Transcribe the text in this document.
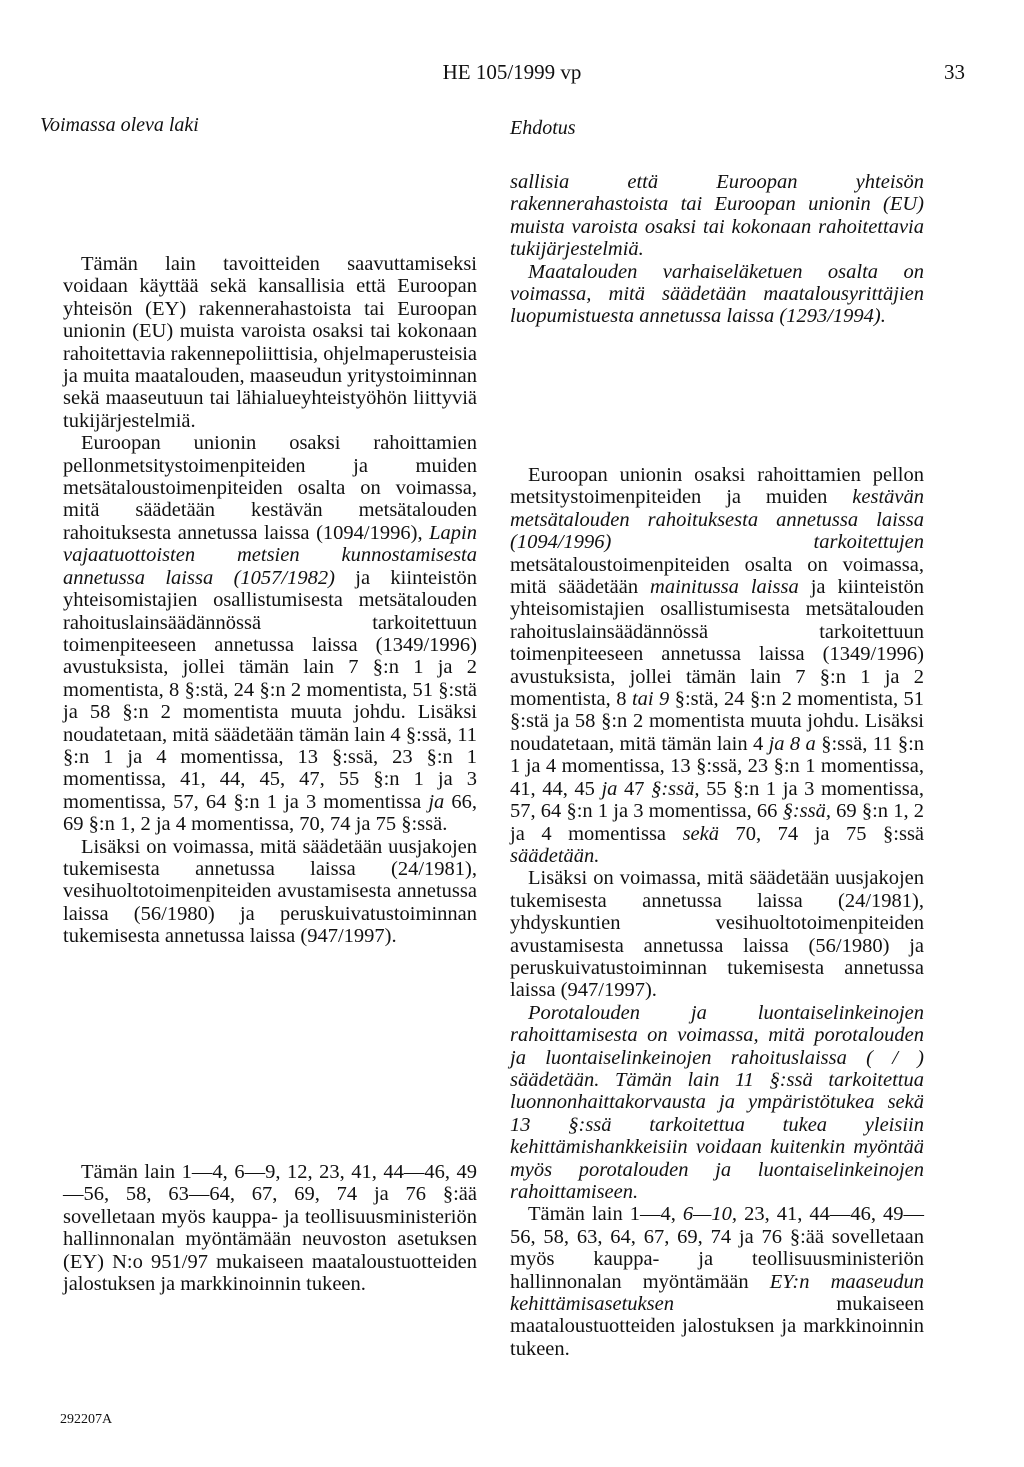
HE 105/1999 vp	33
Voimassa oleva laki	Ehdotus

Tämän lain tavoitteiden saavuttamiseksi voidaan käyttää sekä kansallisia että Euroopan yhteisön (EY) rakennerahastoista tai Euroopan unionin (EU) muista varoista osaksi tai kokonaan rahoitettavia rakennepoliittisia, ohjelmaperusteisia ja muita maatalouden, maaseudun yritystoiminnan sekä maaseutuun tai lähialueyhteistyöhön liittyviä tukijärjestelmiä.

Euroopan unionin osaksi rahoittamien pellonmetsitystoimenpiteiden ja muiden metsätaloustoimenpiteiden osalta on voimassa, mitä säädetään kestävän metsätalouden rahoituksesta annetussa laissa (1094/1996), Lapin vajaatuottoisten metsien kunnostamisesta annetussa laissa (1057/1982) ja kiinteistön yhteisomistajien osallistumisesta metsätalouden rahoituslainsäädännössä tarkoitettuun toimenpiteeseen annetussa laissa (1349/1996) avustuksista, jollei tämän lain 7 §:n 1 ja 2 momentista, 8 §:stä, 24 §:n 2 momentista, 51 §:stä ja 58 §:n 2 momentista muuta johdu. Lisäksi noudatetaan, mitä säädetään tämän lain 4 §:ssä, 11 §:n 1 ja 4 momentissa, 13 §:ssä, 23 §:n 1 momentissa, 41, 44, 45, 47, 55 §:n 1 ja 3 momentissa, 57, 64 §:n 1 ja 3 momentissa ja 66, 69 §:n 1, 2 ja 4 momentissa, 70, 74 ja 75 §:ssä.

Lisäksi on voimassa, mitä säädetään uusjakojen tukemisesta annetussa laissa (24/1981), vesihuoltotoimenpiteiden avustamisesta annetussa laissa (56/1980) ja peruskuivatustoiminnan tukemisesta annetussa laissa (947/1997).

Tämän lain 1—4, 6—9, 12, 23, 41, 44—46, 49—56, 58, 63—64, 67, 69, 74 ja 76 §:ää sovelletaan myös kauppa- ja teollisuusministeriön hallinnonalan myöntämään neuvoston asetuksen (EY) N:o 951/97 mukaiseen maataloustuotteiden jalostuksen ja markkinoinnin tukeen.

sallisia että Euroopan yhteisön rakennerahastoista tai Euroopan unionin (EU) muista varoista osaksi tai kokonaan rahoitettavia tukijärjestelmiä.

Maatalouden varhaiseläketuen osalta on voimassa, mitä säädetään maatalousyrittäjien luopumistuesta annetussa laissa (1293/1994).

Euroopan unionin osaksi rahoittamien pellon metsitystoimenpiteiden ja muiden kestävän metsätalouden rahoituksesta annetussa laissa (1094/1996) tarkoitettujen metsätaloustoimenpiteiden osalta on voimassa, mitä säädetään mainitussa laissa ja kiinteistön yhteisomistajien osallistumisesta metsätalouden rahoituslainsäädännössä tarkoitettuun toimenpiteeseen annetussa laissa (1349/1996) avustuksista, jollei tämän lain 7 §:n 1 ja 2 momentista, 8 tai 9 §:stä, 24 §:n 2 momentista, 51 §:stä ja 58 §:n 2 momentista muuta johdu. Lisäksi noudatetaan, mitä tämän lain 4 ja 8 a §:ssä, 11 §:n 1 ja 4 momentissa, 13 §:ssä, 23 §:n 1 momentissa, 41, 44, 45 ja 47 §:ssä, 55 §:n 1 ja 3 momentissa, 57, 64 §:n 1 ja 3 momentissa, 66 §:ssä, 69 §:n 1, 2 ja 4 momentissa sekä 70, 74 ja 75 §:ssä säädetään.

Lisäksi on voimassa, mitä säädetään uusjakojen tukemisesta annetussa laissa (24/1981), yhdyskuntien vesihuoltotoimenpiteiden avustamisesta annetussa laissa (56/1980) ja peruskuivatustoiminnan tukemisesta annetussa laissa (947/1997).

Porotalouden ja luontaiselinkeinojen rahoittamisesta on voimassa, mitä porotalouden ja luontaiselinkeinojen rahoituslaissa ( / ) säädetään. Tämän lain 11 §:ssä tarkoitettua luonnonhaittakorvausta ja ympäristötukea sekä 13 §:ssä tarkoitettua tukea yleisiin kehittämishankkeisiin voidaan kuitenkin myöntää myös porotalouden ja luontaiselinkeinojen rahoittamiseen.

Tämän lain 1—4, 6—10, 23, 41, 44—46, 49—56, 58, 63, 64, 67, 69, 74 ja 76 §:ää sovelletaan myös kauppa- ja teollisuusministeriön hallinnonalan myöntämään EY:n maaseudun kehittämisasetuksen	mukaiseen maataloustuotteiden jalostuksen ja markkinoinnin tukeen.

292207A
